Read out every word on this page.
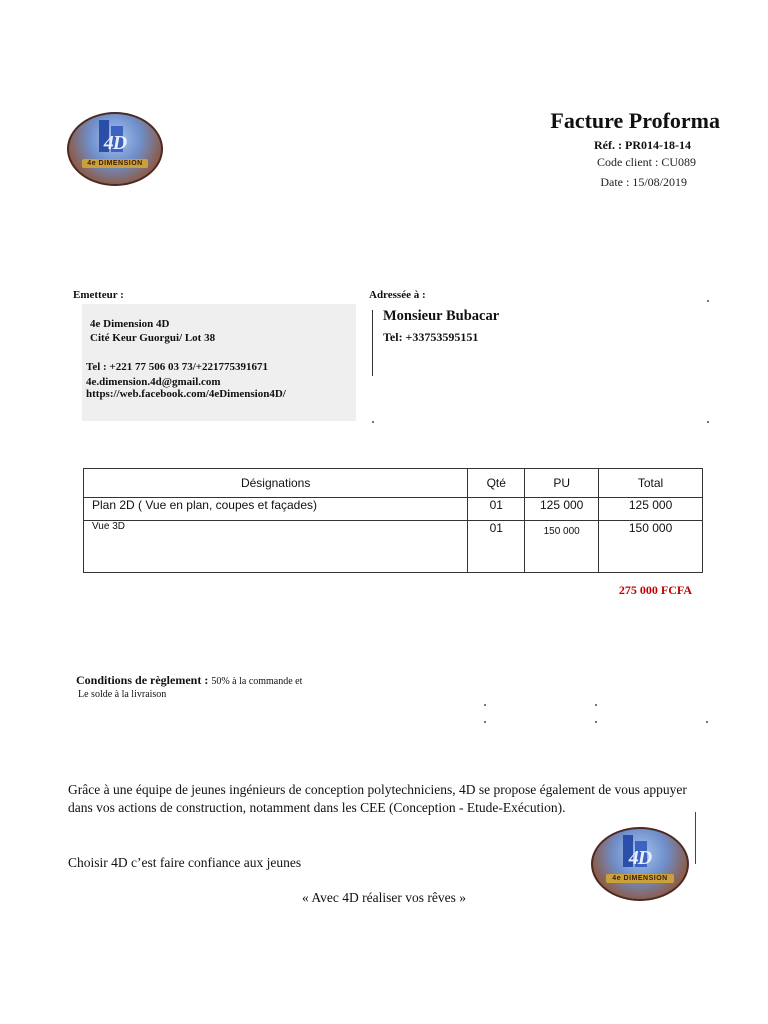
4D
4e DIMENSION
Facture Proforma
Réf. : PR014-18-14
Code client : CU089
Date : 15/08/2019
Emetteur :
4e Dimension 4D
Cité Keur Guorgui/ Lot 38
Tel : +221 77 506 03 73/+221775391671
4e.dimension.4d@gmail.com
https://web.facebook.com/4eDimension4D/
Adressée à :
Monsieur Bubacar
Tel: +33753595151
Désignations	Qté	PU	Total
Plan 2D ( Vue en plan, coupes et façades)	01	125 000	125 000
Vue 3D	01	150 000	150 000
275 000 FCFA
Conditions de règlement : 50% à la commande et
Le solde à la livraison
Grâce à une équipe de jeunes ingénieurs de conception polytechniciens, 4D se propose également de vous appuyer dans vos actions de construction, notamment dans les CEE (Conception - Etude-Exécution).
Choisir 4D c’est faire confiance aux jeunes	4D
4e DIMENSION
« Avec 4D réaliser vos rêves »
